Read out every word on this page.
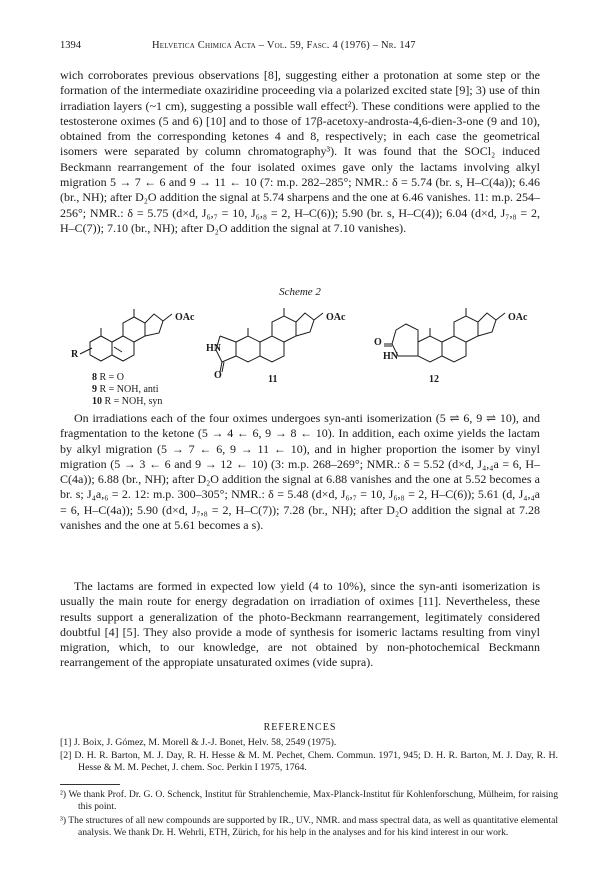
1394	Helvetica Chimica Acta – Vol. 59, Fasc. 4 (1976) – Nr. 147

wich corroborates previous observations [8], suggesting either a protonation at some step or the formation of the intermediate oxaziridine proceeding via a polarized excited state [9]; 3) use of thin irradiation layers (~1 cm), suggesting a possible wall effect²). These conditions were applied to the testosterone oximes (5 and 6) [10] and to those of 17β-acetoxy-androsta-4,6-dien-3-one (9 and 10), obtained from the corresponding ketones 4 and 8, respectively; in each case the geometrical isomers were separated by column chromatography³). It was found that the SOCl₂ induced Beckmann rearrangement of the four isolated oximes gave only the lactams involving alkyl migration 5 → 7 ← 6 and 9 → 11 ← 10 (7: m.p. 282–285°; NMR.: δ = 5.74 (br. s, H–C(4a)); 6.46 (br., NH); after D₂O addition the signal at 5.74 sharpens and the one at 6.46 vanishes. 11: m.p. 254–256°; NMR.: δ = 5.75 (d×d, J₆,₇ = 10, J₆,₈ = 2, H–C(6)); 5.90 (br. s, H–C(4)); 6.04 (d×d, J₇,₈ = 2, H–C(7)); 7.10 (br., NH); after D₂O addition the signal at 7.10 vanishes).

Scheme 2
OAc	OAc	OAc
R
HN
O
O
HN
8 R = O
9 R = NOH, anti
10 R = NOH, syn
11	12

On irradiations each of the four oximes undergoes syn-anti isomerization (5 ⇌ 6, 9 ⇌ 10), and fragmentation to the ketone (5 → 4 ← 6, 9 → 8 ← 10). In addition, each oxime yields the lactam by alkyl migration (5 → 7 ← 6, 9 → 11 ← 10), and in higher proportion the isomer by vinyl migration (5 → 3 ← 6 and 9 → 12 ← 10) (3: m.p. 268–269°; NMR.: δ = 5.52 (d×d, J₄,₄a = 6, H–C(4a)); 6.88 (br., NH); after D₂O addition the signal at 6.88 vanishes and the one at 5.52 becomes a br. s; J₄a,₆ = 2. 12: m.p. 300–305°; NMR.: δ = 5.48 (d×d, J₆,₇ = 10, J₆,₈ = 2, H–C(6)); 5.61 (d, J₄,₄a = 6, H–C(4a)); 5.90 (d×d, J₇,₈ = 2, H–C(7)); 7.28 (br., NH); after D₂O addition the signal at 7.28 vanishes and the one at 5.61 becomes a s).

The lactams are formed in expected low yield (4 to 10%), since the syn-anti isomerization is usually the main route for energy degradation on irradiation of oximes [11]. Nevertheless, these results support a generalization of the photo-Beckmann rearrangement, legitimately considered doubtful [4] [5]. They also provide a mode of synthesis for isomeric lactams resulting from vinyl migration, which, to our knowledge, are not obtained by non-photochemical Beckmann rearrangement of the appropiate unsaturated oximes (vide supra).

REFERENCES

[1] J. Boix, J. Gómez, M. Morell & J.-J. Bonet, Helv. 58, 2549 (1975).

[2] D. H. R. Barton, M. J. Day, R. H. Hesse & M. M. Pechet, Chem. Commun. 1971, 945; D. H. R. Barton, M. J. Day, R. H. Hesse & M. M. Pechet, J. chem. Soc. Perkin I 1975, 1764.

²) We thank Prof. Dr. G. O. Schenck, Institut für Strahlenchemie, Max-Planck-Institut für Kohlenforschung, Mülheim, for raising this point.

³) The structures of all new compounds are supported by IR., UV., NMR. and mass spectral data, as well as quantitative elemental analysis. We thank Dr. H. Wehrli, ETH, Zürich, for his help in the analyses and for his kind interest in our work.
